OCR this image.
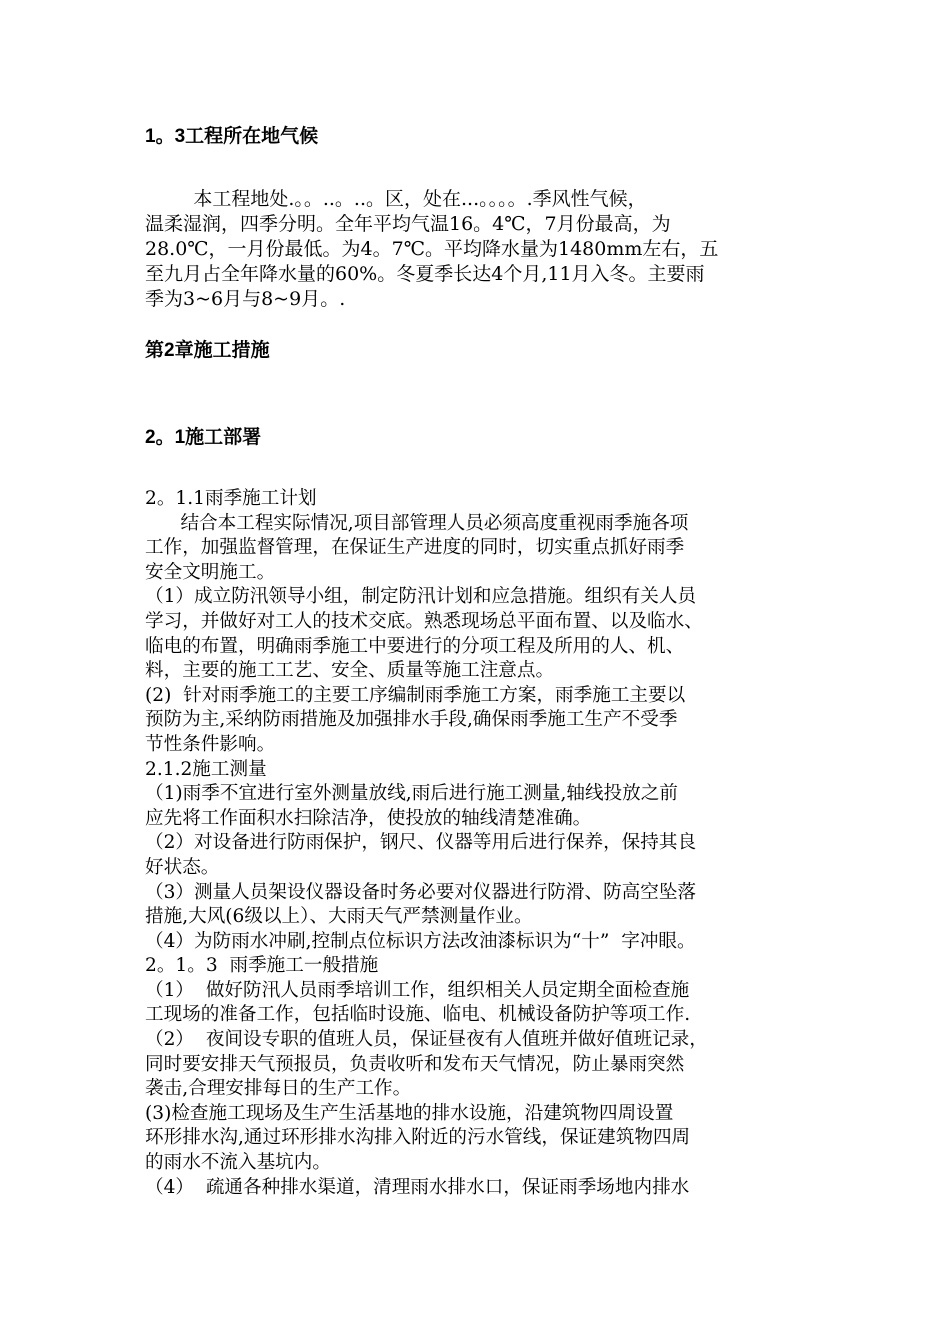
1。3工程所在地气候
本工程地处.。。..。..。区，处在...。。。。.季风性气候，
温柔湿润，四季分明。全年平均气温16。4℃，7月份最高，为
28.0℃，一月份最低。为4。7℃。平均降水量为1480mm左右，五
至九月占全年降水量的60%。冬夏季长达4个月,11月入冬。主要雨
季为3~6月与8~9月。.
第2章施工措施
2。1施工部署
2。1.1雨季施工计划
结合本工程实际情况,项目部管理人员必须高度重视雨季施各项
工作，加强监督管理，在保证生产进度的同时，切实重点抓好雨季
安全文明施工。
（1）成立防汛领导小组，制定防汛计划和应急措施。组织有关人员
学习，并做好对工人的技术交底。熟悉现场总平面布置、以及临水、
临电的布置，明确雨季施工中要进行的分项工程及所用的人、机、
料，主要的施工工艺、安全、质量等施工注意点。
(2)  针对雨季施工的主要工序编制雨季施工方案，雨季施工主要以
预防为主,采纳防雨措施及加强排水手段,确保雨季施工生产不受季
节性条件影响。
2.1.2施工测量
（1)雨季不宜进行室外测量放线,雨后进行施工测量,轴线投放之前
应先将工作面积水扫除洁净，使投放的轴线清楚准确。
（2）对设备进行防雨保护，钢尺、仪器等用后进行保养，保持其良
好状态。
（3）测量人员架设仪器设备时务必要对仪器进行防滑、防高空坠落
措施,大风(6级以上）、大雨天气严禁测量作业。
（4）为防雨水冲刷,控制点位标识方法改油漆标识为“十”  字冲眼。
2。1。3  雨季施工一般措施
（1）  做好防汛人员雨季培训工作，组织相关人员定期全面检查施
工现场的准备工作，包括临时设施、临电、机械设备防护等项工作.
（2）  夜间设专职的值班人员，保证昼夜有人值班并做好值班记录，
同时要安排天气预报员，负责收听和发布天气情况，防止暴雨突然
袭击,合理安排每日的生产工作。
(3)检查施工现场及生产生活基地的排水设施，沿建筑物四周设置
环形排水沟,通过环形排水沟排入附近的污水管线，保证建筑物四周
的雨水不流入基坑内。
（4）  疏通各种排水渠道，清理雨水排水口，保证雨季场地内排水
